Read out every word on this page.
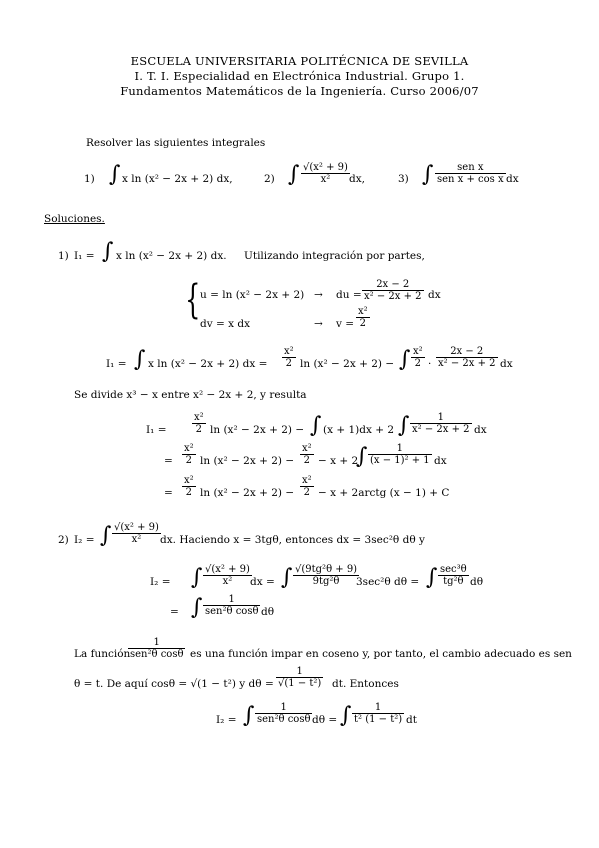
ESCUELA UNIVERSITARIA POLITÉCNICA DE SEVILLA
I. T. I. Especialidad en Electrónica Industrial. Grupo 1.
Fundamentos Matemáticos de la Ingeniería. Curso 2006/07
Resolver las siguientes integrales
1) ∫ x ln (x² − 2x + 2) dx,	2) ∫ √(x² + 9)
x² dx,	3) ∫ sen x
sen x + cos x dx
Soluciones.
1) I₁ = ∫ x ln (x² − 2x + 2) dx. Utilizando integración por partes,
{ u = ln (x² − 2x + 2) → du =
2x − 2
x² − 2x + 2 dx
dv = x dx	→ v =
x²
2
I₁ = ∫ x ln (x² − 2x + 2) dx =
x²
2 ln (x² − 2x + 2) − ∫ x²
2 ·
2x − 2
x² − 2x + 2 dx
Se divide x³ − x entre x² − 2x + 2, y resulta
I₁ =
x²
2 ln (x² − 2x + 2) − ∫ (x + 1)dx + 2 ∫	1
x² − 2x + 2 dx
=
x²
2 ln (x² − 2x + 2) −
x²
2 − x + 2
∫	1
(x − 1)² + 1 dx
=
x²
2 ln (x² − 2x + 2) −
x²
2 − x + 2arctg (x − 1) + C
2) I₂ = ∫ √(x² + 9)
x² dx. Haciendo x = 3tgθ, entonces dx = 3sec²θ dθ y
I₂ = ∫ √(x² + 9)
x² dx = ∫ √(9tg²θ + 9)
9tg²θ 3sec²θ dθ = ∫ sec³θ
tg²θ dθ
= ∫	1
sen²θ cosθ dθ
La función
1
sen²θ cosθ es una función impar en coseno y, por tanto, el cambio adecuado es sen
θ = t. De aquí cosθ = √(1 − t²) y dθ =
1
√(1 − t²) dt. Entonces
I₂ = ∫	1
sen²θ cosθ dθ = ∫ 1
t² (1 − t²) dt
